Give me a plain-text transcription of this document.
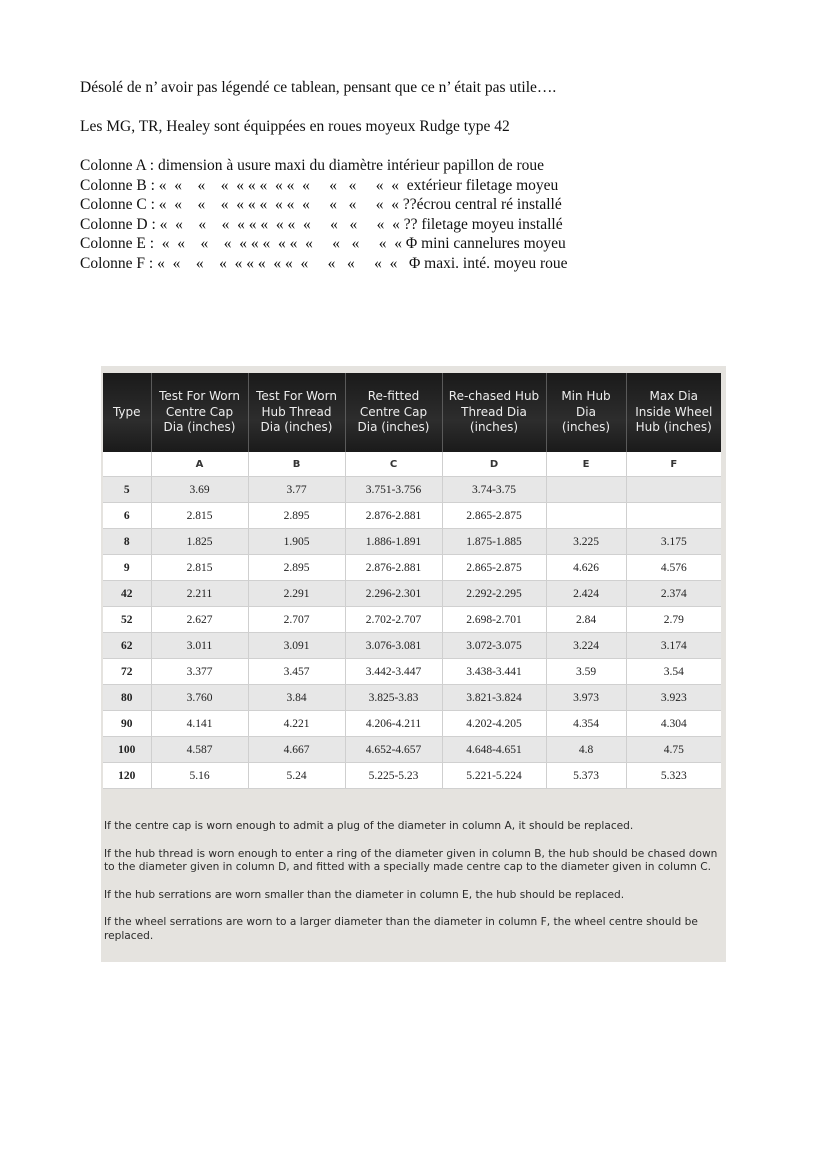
Désolé de n’ avoir pas légendé ce tablean, pensant que ce n’ était pas utile….

Les MG, TR, Healey sont équippées en roues moyeux Rudge type 42

Colonne A : dimension à usure maxi du diamètre intérieur papillon de roue

Colonne B : «  «    «    «  « « «  « «  «     «   «     «  «  extérieur filetage moyeu

Colonne C : «  «    «    «  « « «  « «  «     «   «     «  « ??écrou central ré installé

Colonne D : «  «    «    «  « « «  « «  «     «   «     «  « ?? filetage moyeu installé

Colonne E :  «  «    «    «  « « «  « «  «     «   «     «  « Φ mini cannelures moyeu

Colonne F : «  «    «    «  « « «  « «  «     «   «     «  «   Φ maxi. inté. moyeu roue

Type	Test For Worn Centre Cap Dia (inches)	Test For Worn Hub Thread Dia (inches)	Re-fitted Centre Cap Dia (inches)	Re-chased Hub Thread Dia (inches)	Min Hub Dia (inches)	Max Dia Inside Wheel Hub (inches)
	A	B	C	D	E	F
5	3.69	3.77	3.751-3.756	3.74-3.75		
6	2.815	2.895	2.876-2.881	2.865-2.875		
8	1.825	1.905	1.886-1.891	1.875-1.885	3.225	3.175
9	2.815	2.895	2.876-2.881	2.865-2.875	4.626	4.576
42	2.211	2.291	2.296-2.301	2.292-2.295	2.424	2.374
52	2.627	2.707	2.702-2.707	2.698-2.701	2.84	2.79
62	3.011	3.091	3.076-3.081	3.072-3.075	3.224	3.174
72	3.377	3.457	3.442-3.447	3.438-3.441	3.59	3.54
80	3.760	3.84	3.825-3.83	3.821-3.824	3.973	3.923
90	4.141	4.221	4.206-4.211	4.202-4.205	4.354	4.304
100	4.587	4.667	4.652-4.657	4.648-4.651	4.8	4.75
120	5.16	5.24	5.225-5.23	5.221-5.224	5.373	5.323

If the centre cap is worn enough to admit a plug of the diameter in column A, it should be replaced.

If the hub thread is worn enough to enter a ring of the diameter given in column B, the hub should be chased down to the diameter given in column D, and fitted with a specially made centre cap to the diameter given in column C.

If the hub serrations are worn smaller than the diameter in column E, the hub should be replaced.

If the wheel serrations are worn to a larger diameter than the diameter in column F, the wheel centre should be replaced.
